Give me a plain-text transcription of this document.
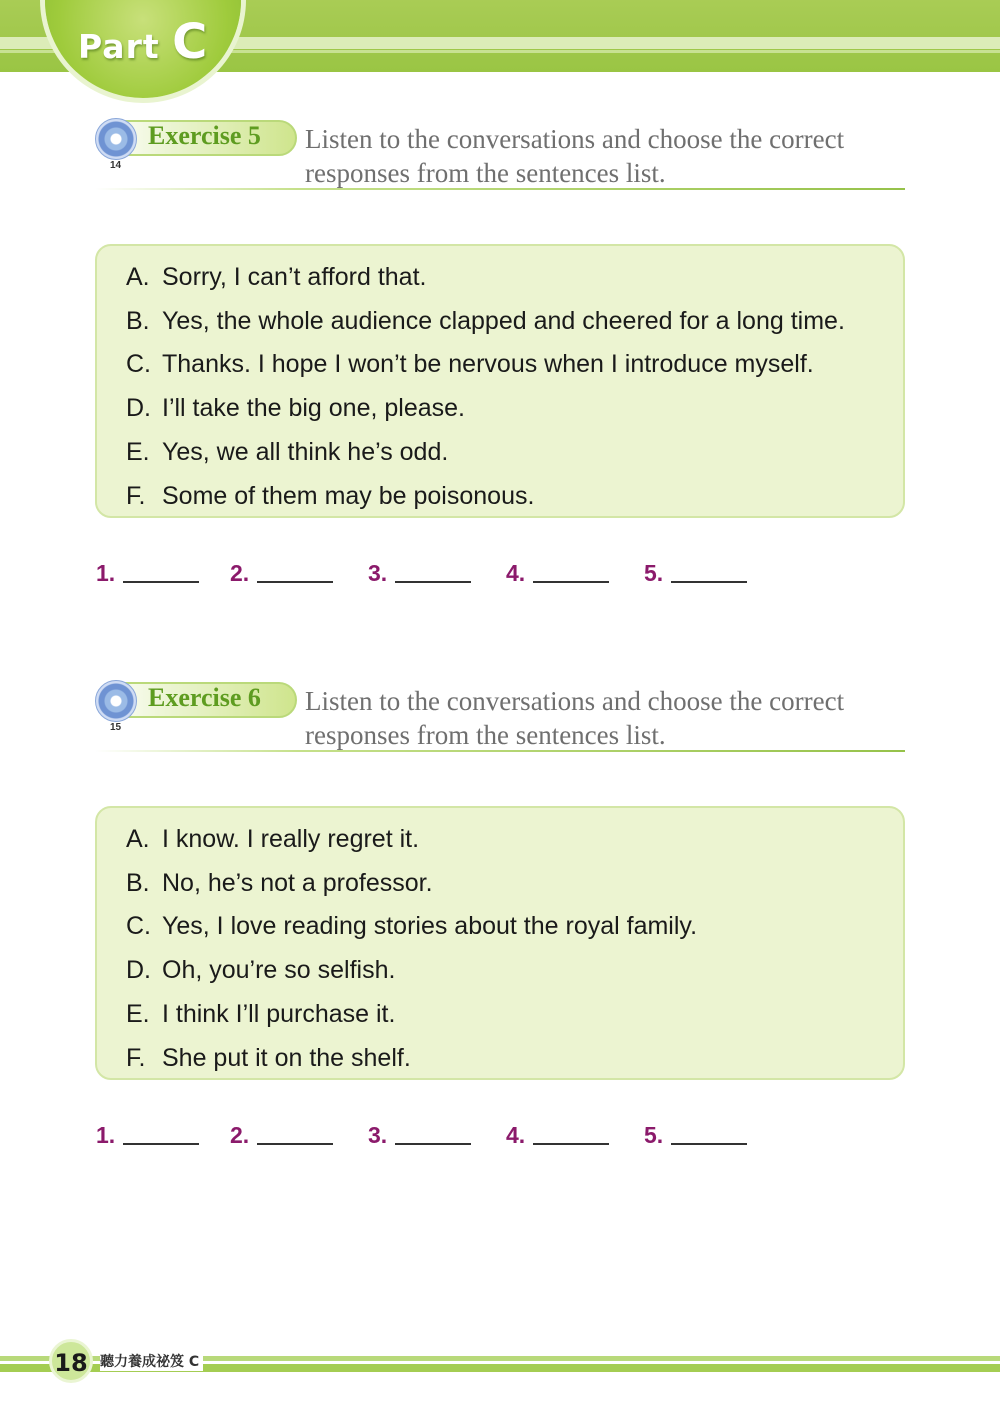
Part C
Exercise 5
14
Listen to the conversations and choose the correct responses from the sentences list.
A. Sorry, I can’t afford that.
B. Yes, the whole audience clapped and cheered for a long time.
C. Thanks. I hope I won’t be nervous when I introduce myself.
D. I’ll take the big one, please.
E. Yes, we all think he’s odd.
F. Some of them may be poisonous.
1.	2.	3.	4.	5.
Exercise 6
15
Listen to the conversations and choose the correct responses from the sentences list.
A. I know. I really regret it.
B. No, he’s not a professor.
C. Yes, I love reading stories about the royal family.
D. Oh, you’re so selfish.
E. I think I’ll purchase it.
F. She put it on the shelf.
1.	2.	3.	4.	5.
18 聽力養成祕笈 C
